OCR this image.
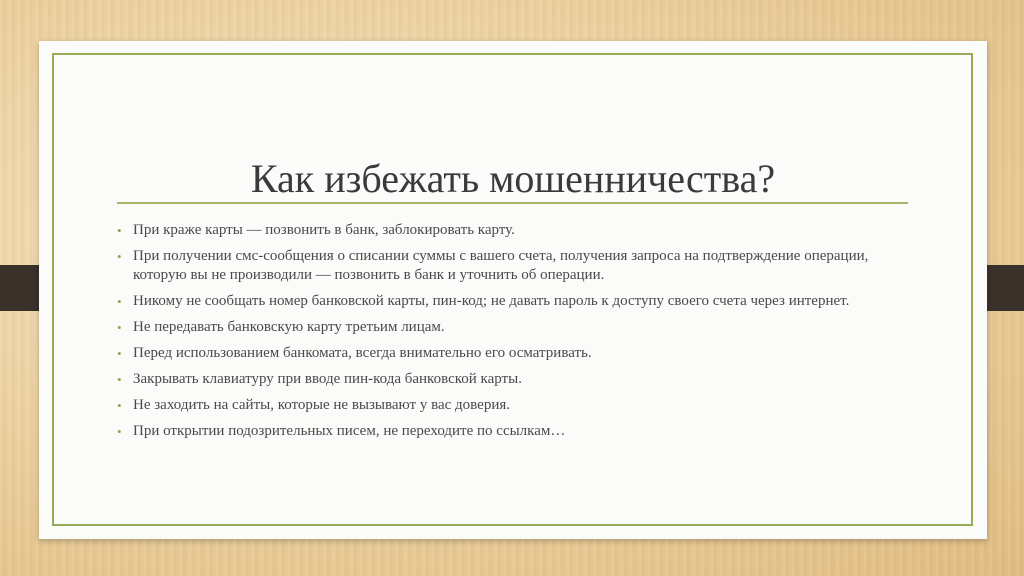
Как избежать мошенничества?
• При краже карты — позвонить в банк, заблокировать карту.
• При получении смс-сообщения о списании суммы с вашего счета, получения запроса на подтверждение операции, которую вы не производили — позвонить в банк и уточнить об операции.
• Никому не сообщать номер банковской карты, пин-код; не давать пароль к доступу своего счета через интернет.
• Не передавать банковскую карту третьим лицам.
• Перед использованием банкомата, всегда внимательно его осматривать.
• Закрывать клавиатуру при вводе пин-кода банковской карты.
• Не заходить на сайты, которые не вызывают у вас доверия.
• При открытии подозрительных писем, не переходите по ссылкам…
